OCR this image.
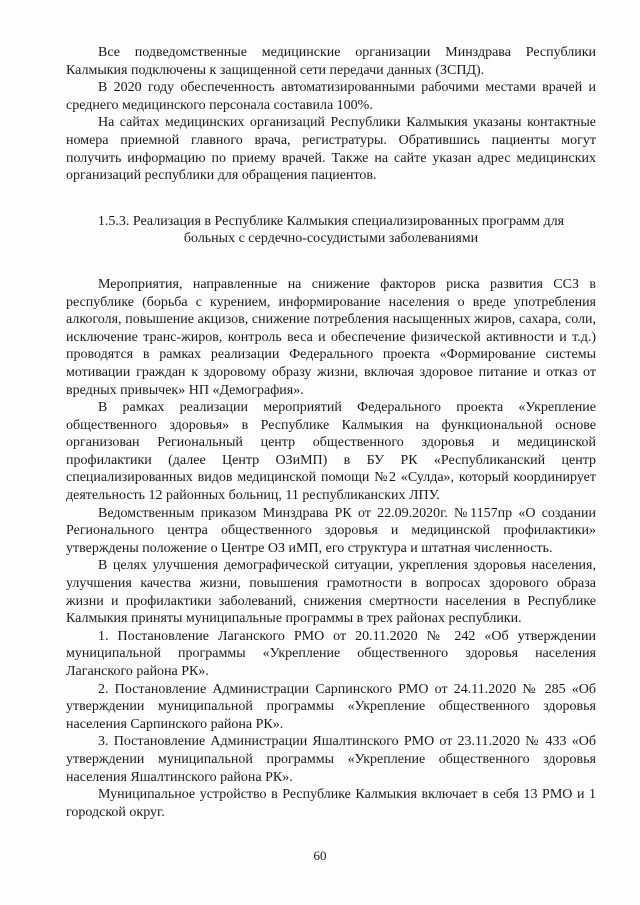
Все подведомственные медицинские организации Минздрава Республики Калмыкия подключены к защищенной сети передачи данных (ЗСПД).

В 2020 году обеспеченность автоматизированными рабочими местами врачей и среднего медицинского персонала составила 100%.

На сайтах медицинских организаций Республики Калмыкия указаны контактные номера приемной главного врача, регистратуры. Обратившись пациенты могут получить информацию по приему врачей. Также на сайте указан адрес медицинских организаций республики для обращения пациентов.

1.5.3. Реализация в Республике Калмыкия специализированных программ для больных с сердечно-сосудистыми заболеваниями

Мероприятия, направленные на снижение факторов риска развития ССЗ в республике (борьба с курением, информирование населения о вреде употребления алкоголя, повышение акцизов, снижение потребления насыщенных жиров, сахара, соли, исключение транс-жиров, контроль веса и обеспечение физической активности и т.д.) проводятся в рамках реализации Федерального проекта «Формирование системы мотивации граждан к здоровому образу жизни, включая здоровое питание и отказ от вредных привычек» НП «Демография».

В рамках реализации мероприятий Федерального проекта «Укрепление общественного здоровья» в Республике Калмыкия на функциональной основе организован Региональный центр общественного здоровья и медицинской профилактики (далее Центр ОЗиМП) в БУ РК «Республиканский центр специализированных видов медицинской помощи №2 «Сулда», который координирует деятельность 12 районных больниц, 11 республиканских ЛПУ.

Ведомственным приказом Минздрава РК от 22.09.2020г. №1157пр «О создании Регионального центра общественного здоровья и медицинской профилактики» утверждены положение о Центре ОЗ иМП, его структура и штатная численность.

В целях улучшения демографической ситуации, укрепления здоровья населения, улучшения качества жизни, повышения грамотности в вопросах здорового образа жизни и профилактики заболеваний, снижения смертности населения в Республике Калмыкия приняты муниципальные программы в трех районах республики.

1. Постановление Лаганского РМО от 20.11.2020 № 242 «Об утверждении муниципальной программы «Укрепление общественного здоровья населения Лаганского района РК».

2. Постановление Администрации Сарпинского РМО от 24.11.2020 № 285 «Об утверждении муниципальной программы «Укрепление общественного здоровья населения Сарпинского района РК».

3. Постановление Администрации Яшалтинского РМО от 23.11.2020 № 433 «Об утверждении муниципальной программы «Укрепление общественного здоровья населения Яшалтинского района РК».

Муниципальное устройство в Республике Калмыкия включает в себя 13 РМО и 1 городской округ.

60
